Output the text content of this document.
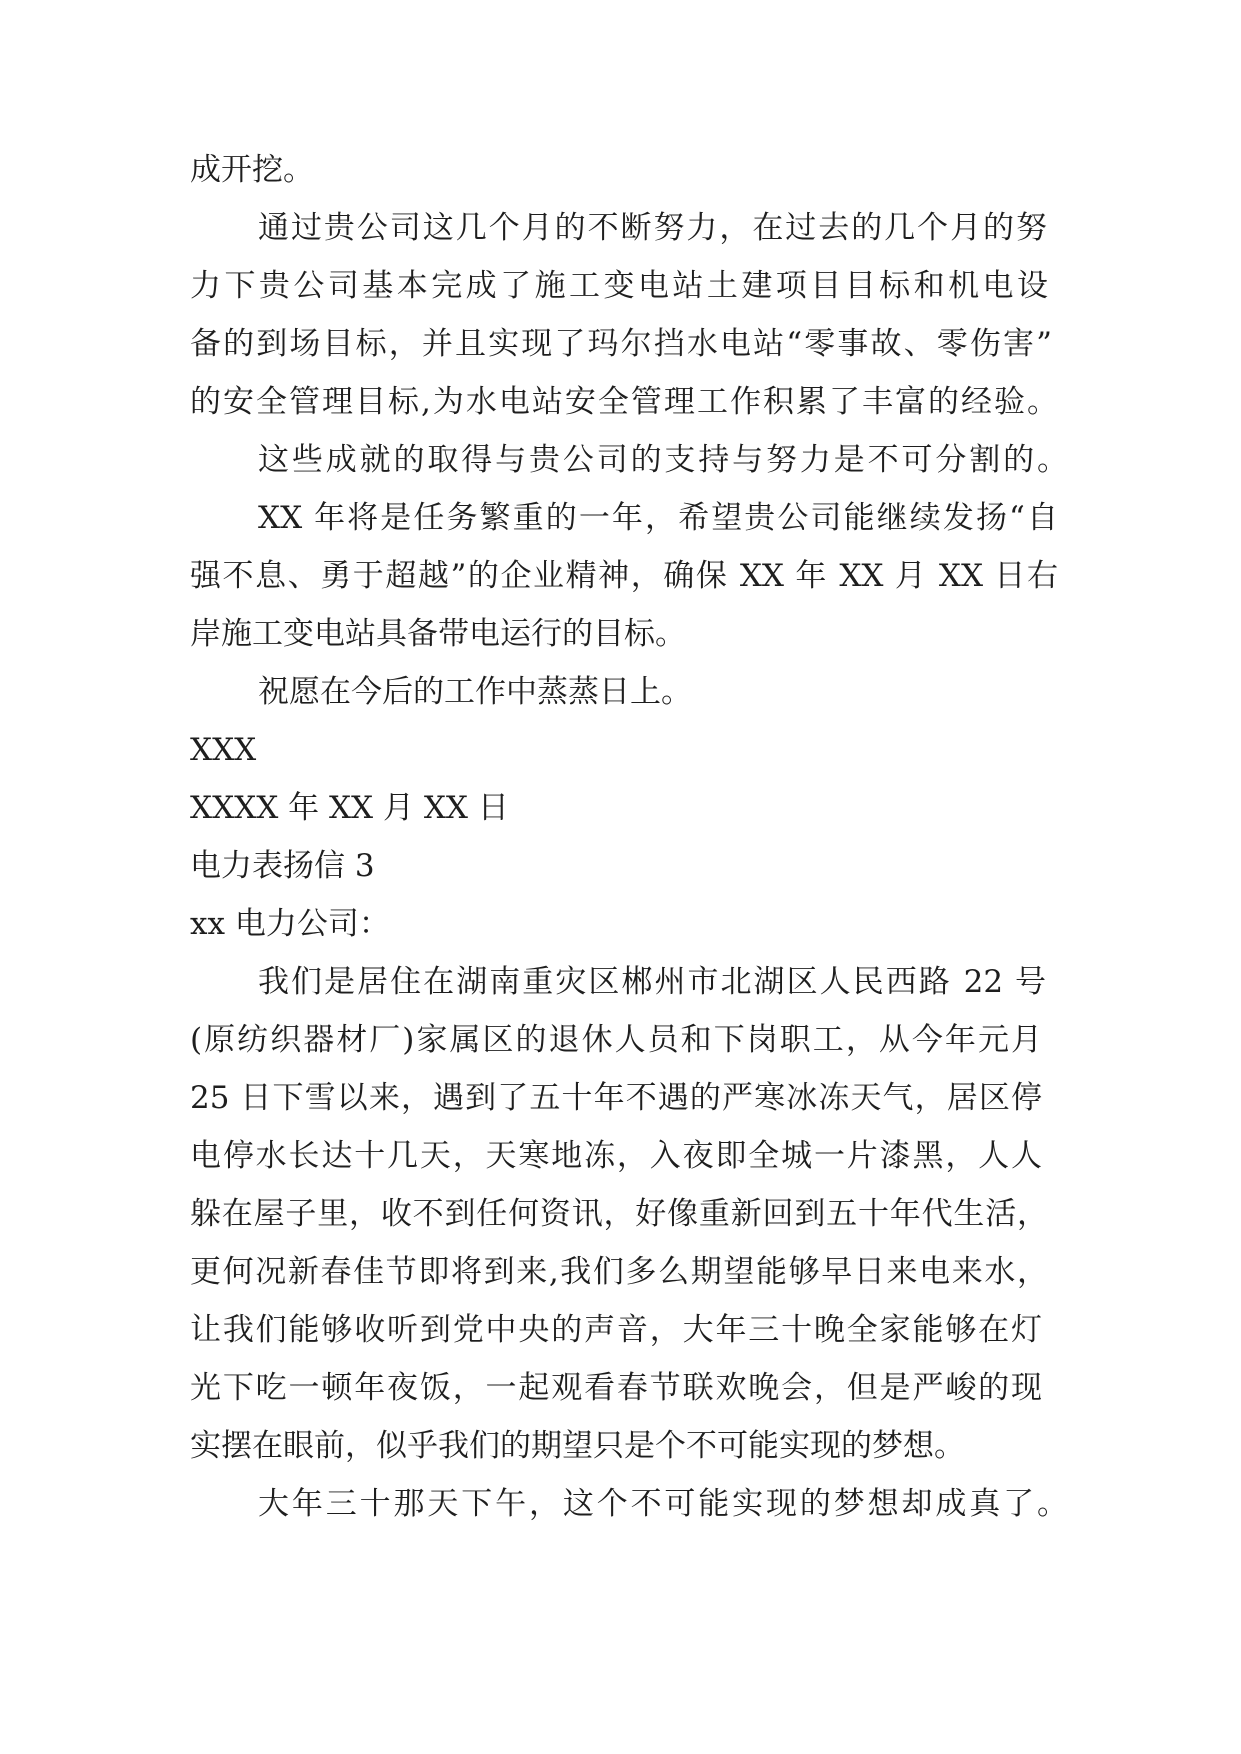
成开挖。
通过贵公司这几个月的不断努力，在过去的几个月的努
力下贵公司基本完成了施工变电站土建项目目标和机电设
备的到场目标，并且实现了玛尔挡水电站“零事故、零伤害”
的安全管理目标,为水电站安全管理工作积累了丰富的经验。
这些成就的取得与贵公司的支持与努力是不可分割的。
XX 年将是任务繁重的一年，希望贵公司能继续发扬“自
强不息、勇于超越”的企业精神，确保 XX 年 XX 月 XX 日右
岸施工变电站具备带电运行的目标。
祝愿在今后的工作中蒸蒸日上。
XXX
XXXX 年 XX 月 XX 日
电力表扬信 3
xx 电力公司：
我们是居住在湖南重灾区郴州市北湖区人民西路 22 号
(原纺织器材厂)家属区的退休人员和下岗职工，从今年元月
25 日下雪以来，遇到了五十年不遇的严寒冰冻天气，居区停
电停水长达十几天，天寒地冻，入夜即全城一片漆黑，人人
躲在屋子里，收不到任何资讯，好像重新回到五十年代生活，
更何况新春佳节即将到来,我们多么期望能够早日来电来水，
让我们能够收听到党中央的声音，大年三十晚全家能够在灯
光下吃一顿年夜饭，一起观看春节联欢晚会，但是严峻的现
实摆在眼前，似乎我们的期望只是个不可能实现的梦想。
大年三十那天下午，这个不可能实现的梦想却成真了。
